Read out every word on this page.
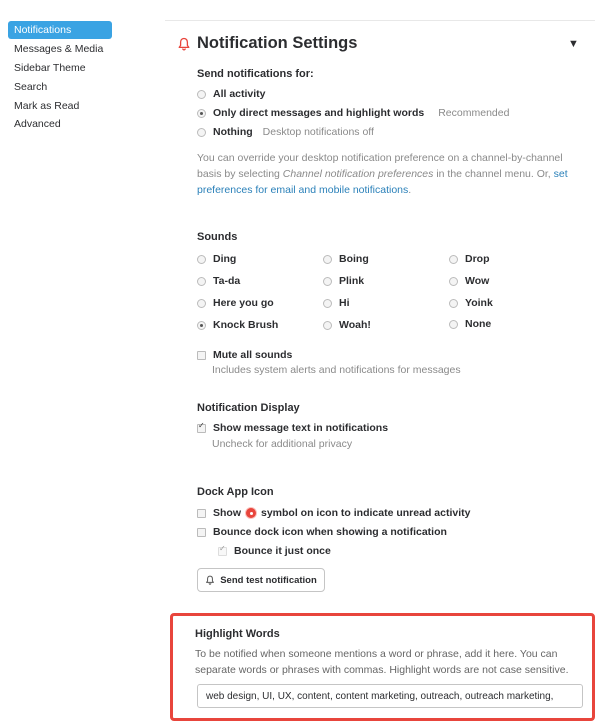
Notifications
Messages & Media
Sidebar Theme
Search
Mark as Read
Advanced
Notification Settings	▼
Send notifications for:
All activity
Only direct messages and highlight words Recommended
Nothing Desktop notifications off
You can override your desktop notification preference on a channel-by-channel basis by selecting Channel notification preferences in the channel menu. Or, set preferences for email and mobile notifications.
Sounds
Ding	Boing	Drop
Ta-da	Plink	Wow
Here you go	Hi	Yoink
Knock Brush	Woah!	None
Mute all sounds
Includes system alerts and notifications for messages
Notification Display
✓
Show message text in notifications
Uncheck for additional privacy
Dock App Icon
Show symbol on icon to indicate unread activity
Bounce dock icon when showing a notification
✓
Bounce it just once
Send test notification
Highlight Words
To be notified when someone mentions a word or phrase, add it here. You can separate words or phrases with commas. Highlight words are not case sensitive.
web design, UI, UX, content, content marketing, outreach, outreach marketing,
